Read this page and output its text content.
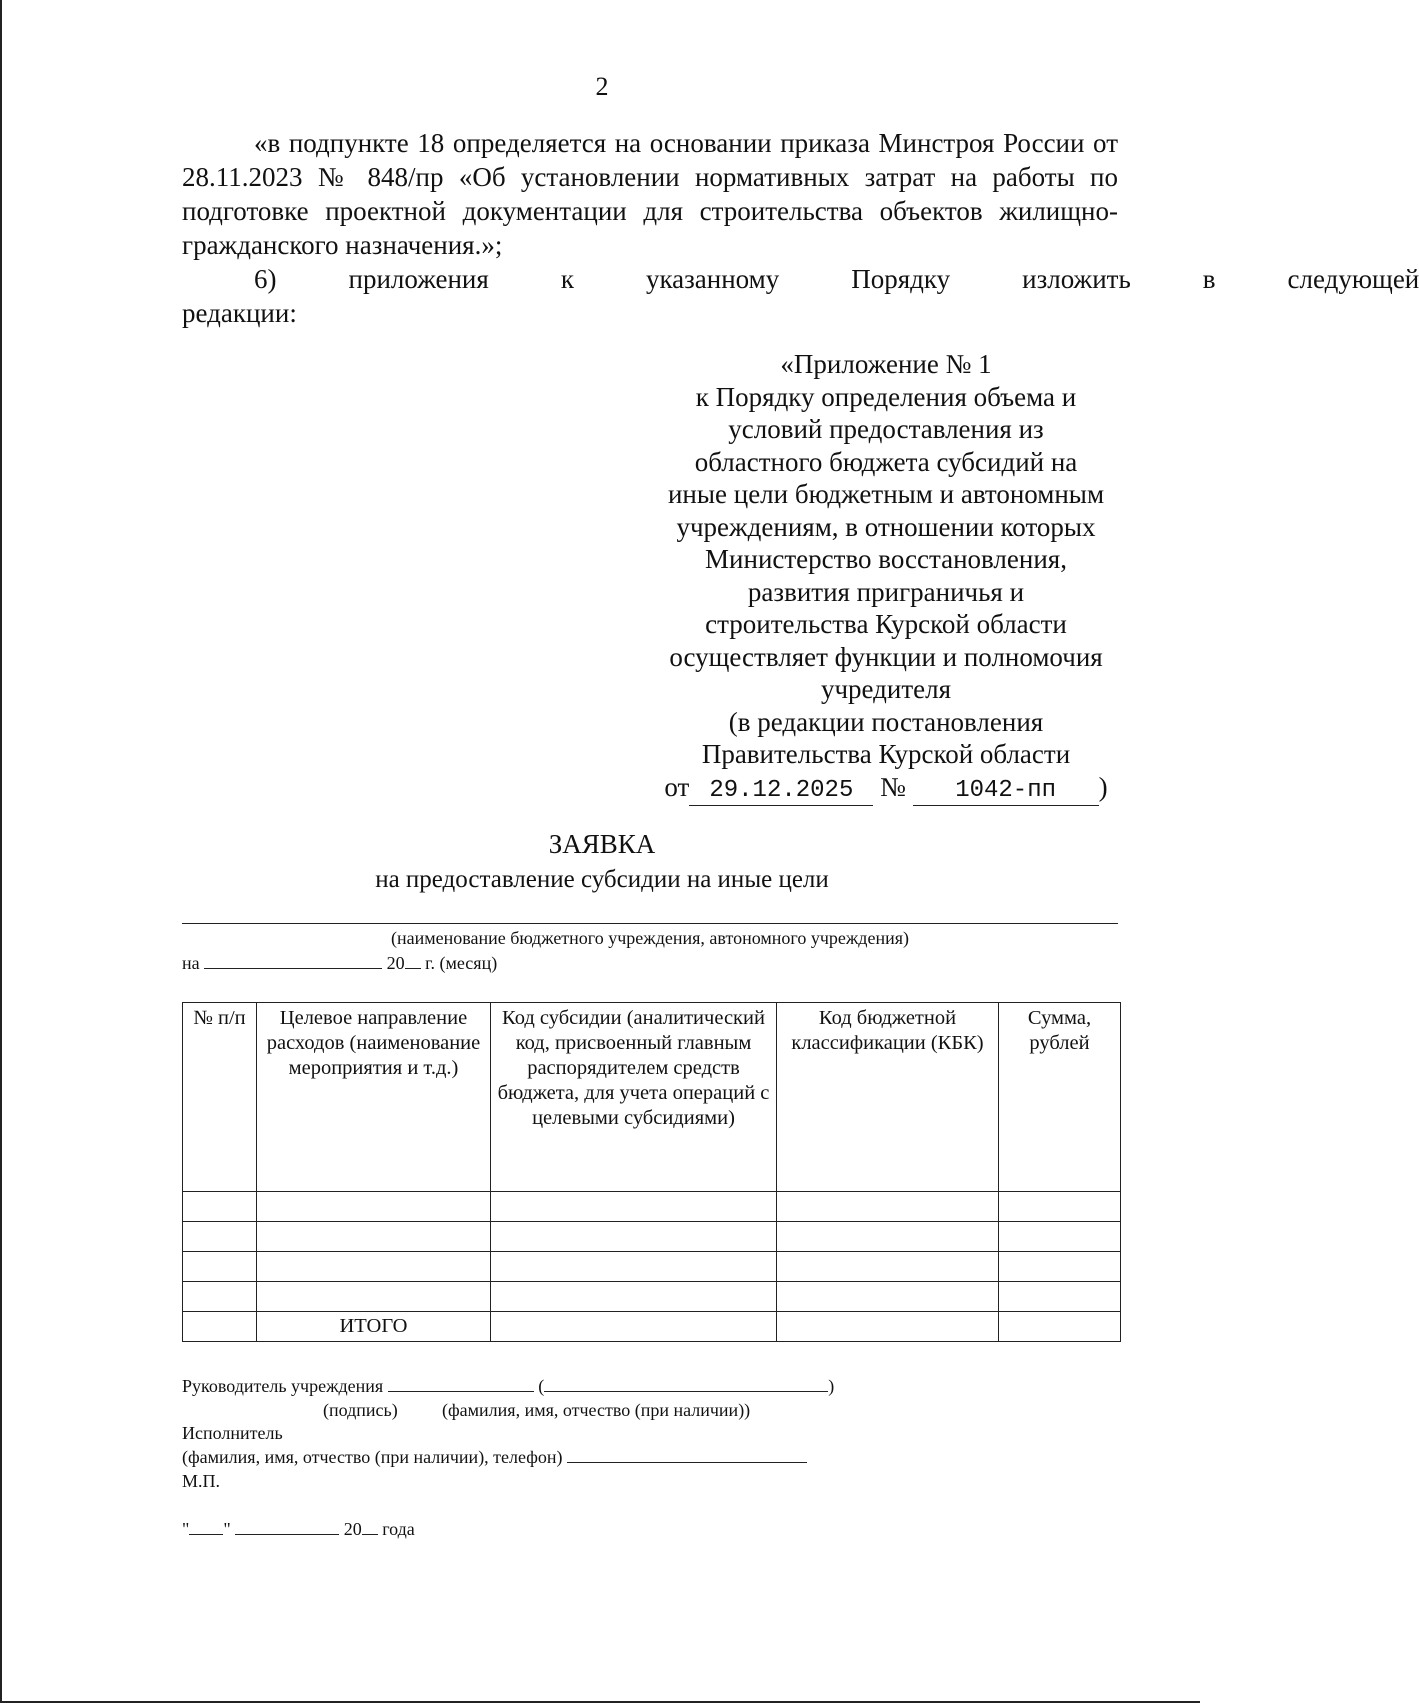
2

«в подпункте 18 определяется на основании приказа Минстроя России от 28.11.2023 № 848/пр «Об установлении нормативных затрат на работы по подготовке проектной документации для строительства объектов жилищно-гражданского назначения.»;

6)	приложения	к	указанному	Порядку	изложить	в	следующей

редакции:

«Приложение № 1
к Порядку определения объема и
условий предоставления из
областного бюджета субсидий на
иные цели бюджетным и автономным
учреждениям, в отношении которых
Министерство восстановления,
развития приграничья и
строительства Курской области
осуществляет функции и полномочия
учредителя
(в редакции постановления
Правительства Курской области
от 29.12.2025 № 1042-пп )
ЗАЯВКА
на предоставление субсидии на иные цели
(наименование бюджетного учреждения, автономного учреждения)
на	20 г. (месяц)
№ п/п	Целевое направление расходов (наименование мероприятия и т.д.)	Код субсидии (аналитический код, присвоенный главным распорядителем средств бюджета, для учета операций с целевыми субсидиями)	Код бюджетной классификации (КБК)	Сумма, рублей

	ИТОГО			
Руководитель учреждения	(	)
(подпись) (фамилия, имя, отчество (при наличии))
Исполнитель
(фамилия, имя, отчество (при наличии), телефон)
М.П.
" "	20 года
